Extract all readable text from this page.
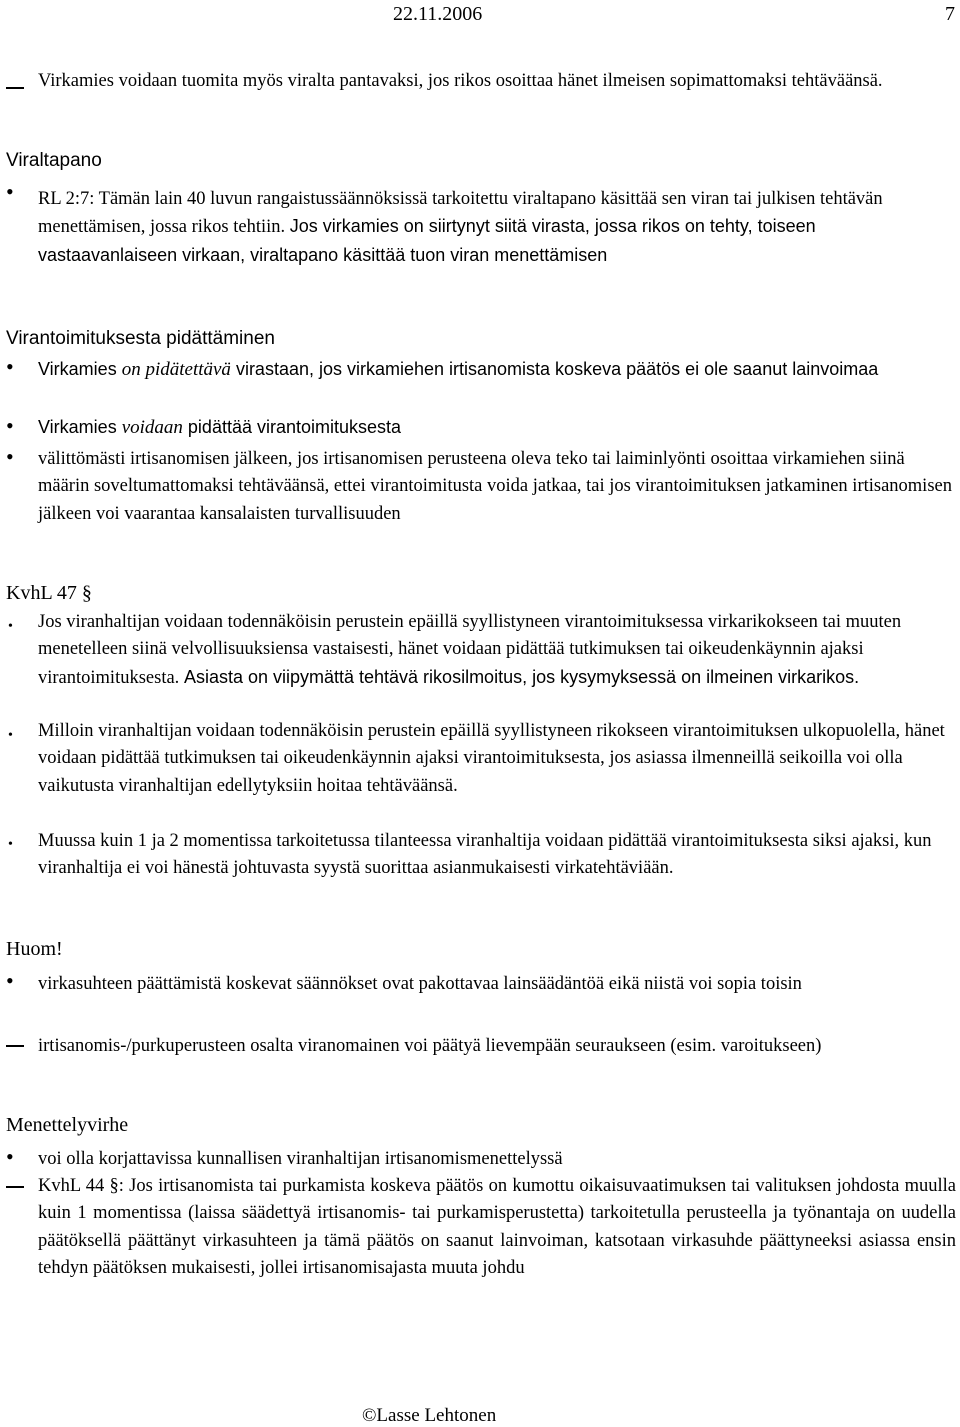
22.11.2006	7
Virkamies voidaan tuomita myös viralta pantavaksi, jos rikos osoittaa hänet ilmeisen sopimattomaksi tehtäväänsä.
Viraltapano
• RL 2:7: Tämän lain 40 luvun rangaistussäännöksissä tarkoitettu viraltapano käsittää sen viran tai julkisen tehtävän menettämisen, jossa rikos tehtiin. Jos virkamies on siirtynyt siitä virasta, jossa rikos on tehty, toiseen vastaavanlaiseen virkaan, viraltapano käsittää tuon viran menettämisen
Virantoimituksesta pidättäminen
• Virkamies on pidätettävä virastaan, jos virkamiehen irtisanomista koskeva päätös ei ole saanut lainvoimaa
• Virkamies voidaan pidättää virantoimituksesta
• välittömästi irtisanomisen jälkeen, jos irtisanomisen perusteena oleva teko tai laiminlyönti osoittaa virkamiehen siinä määrin soveltumattomaksi tehtäväänsä, ettei virantoimitusta voida jatkaa, tai jos virantoimituksen jatkaminen irtisanomisen jälkeen voi vaarantaa kansalaisten turvallisuuden
KvhL 47 §
• Jos viranhaltijan voidaan todennäköisin perustein epäillä syyllistyneen virantoimituksessa virkarikokseen tai muuten menetelleen siinä velvollisuuksiensa vastaisesti, hänet voidaan pidättää tutkimuksen tai oikeudenkäynnin ajaksi virantoimituksesta. Asiasta on viipymättä tehtävä rikosilmoitus, jos kysymyksessä on ilmeinen virkarikos.
• Milloin viranhaltijan voidaan todennäköisin perustein epäillä syyllistyneen rikokseen virantoimituksen ulkopuolella, hänet voidaan pidättää tutkimuksen tai oikeudenkäynnin ajaksi virantoimituksesta, jos asiassa ilmenneillä seikoilla voi olla vaikutusta viranhaltijan edellytyksiin hoitaa tehtäväänsä.
• Muussa kuin 1 ja 2 momentissa tarkoitetussa tilanteessa viranhaltija voidaan pidättää virantoimituksesta siksi ajaksi, kun viranhaltija ei voi hänestä johtuvasta syystä suorittaa asianmukaisesti virkatehtäviään.
Huom!
• virkasuhteen päättämistä koskevat säännökset ovat pakottavaa lainsäädäntöä eikä niistä voi sopia toisin
irtisanomis-/purkuperusteen osalta viranomainen voi päätyä lievempään seuraukseen (esim. varoitukseen)
Menettelyvirhe
• voi olla korjattavissa kunnallisen viranhaltijan irtisanomismenettelyssä
KvhL 44 §: Jos irtisanomista tai purkamista koskeva päätös on kumottu oikaisuvaatimuksen tai valituksen johdosta muulla kuin 1 momentissa (laissa säädettyä irtisanomis- tai purkamisperustetta) tarkoitetulla perusteella ja työnantaja on uudella päätöksellä päättänyt virkasuhteen ja tämä päätös on saanut lainvoiman, katsotaan virkasuhde päättyneeksi asiassa ensin tehdyn päätöksen mukaisesti, jollei irtisanomisajasta muuta johdu
©Lasse Lehtonen
